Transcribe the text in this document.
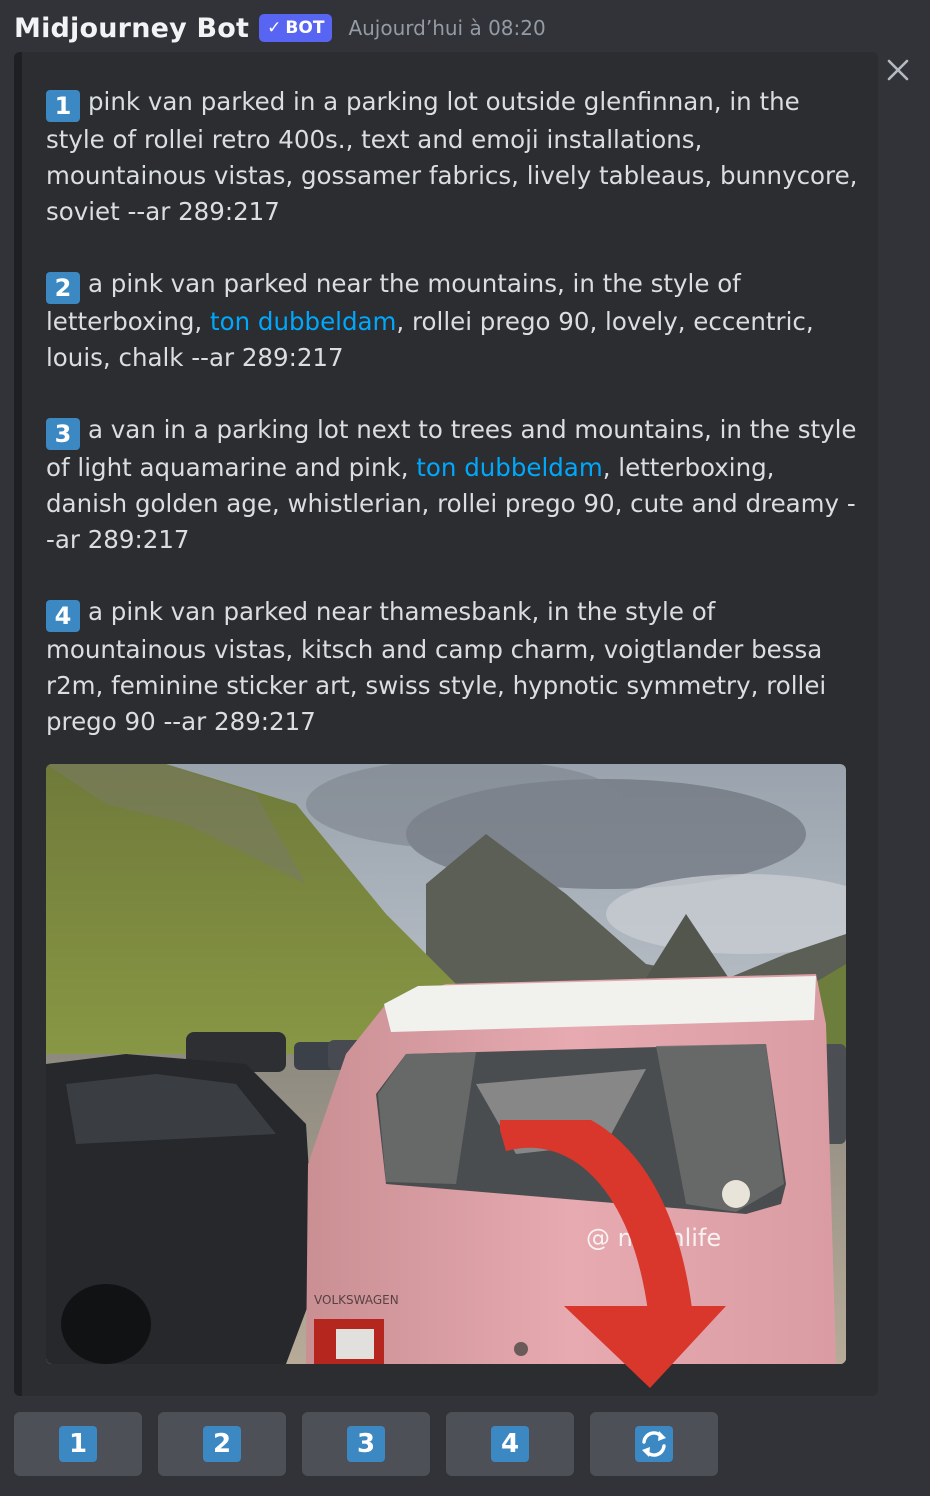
Midjourney Bot ✓ BOT Aujourd’hui à 08:20

1 pink van parked in a parking lot outside glenfinnan, in the style of rollei retro 400s., text and emoji installations, mountainous vistas, gossamer fabrics, lively tableaus, bunnycore, soviet --ar 289:217

2 a pink van parked near the mountains, in the style of letterboxing, ton dubbeldam, rollei prego 90, lovely, eccentric, louis, chalk --ar 289:217

3 a van in a parking lot next to trees and mountains, in the style of light aquamarine and pink, ton dubbeldam, letterboxing, danish golden age, whistlerian, rollei prego 90, cute and dreamy --ar 289:217

4 a pink van parked near thamesbank, in the style of mountainous vistas, kitsch and camp charm, voigtlander bessa r2m, feminine sticker art, swiss style, hypnotic symmetry, rollei prego 90 --ar 289:217

@ n.vanlife
VOLKSWAGEN
1	2	3	4
